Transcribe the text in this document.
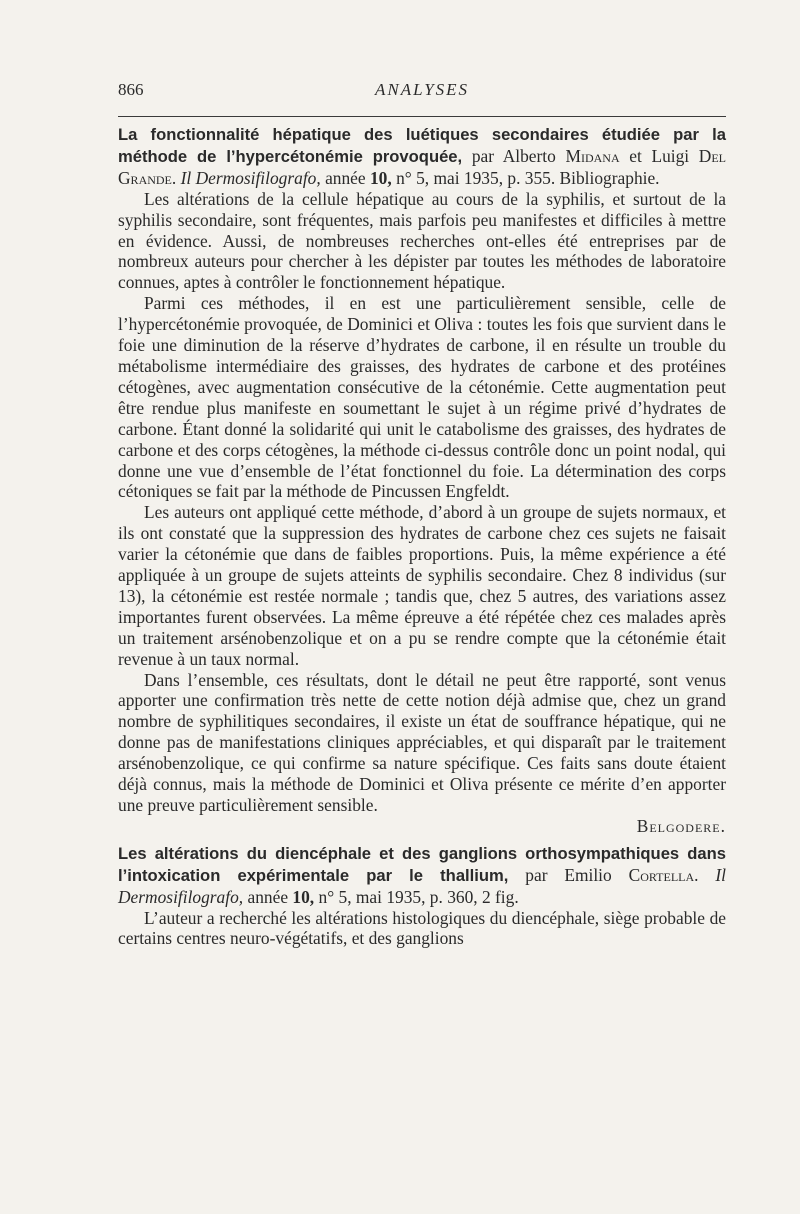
866	ANALYSES

La fonctionnalité hépatique des luétiques secondaires étudiée par la méthode de l’hypercétonémie provoquée, par Alberto Midana et Luigi Del Grande. Il Dermosifilografo, année 10, n° 5, mai 1935, p. 355. Bibliographie.

Les altérations de la cellule hépatique au cours de la syphilis, et surtout de la syphilis secondaire, sont fréquentes, mais parfois peu manifestes et difficiles à mettre en évidence. Aussi, de nombreuses recherches ont-elles été entreprises par de nombreux auteurs pour chercher à les dépister par toutes les méthodes de laboratoire connues, aptes à contrôler le fonctionnement hépatique.

Parmi ces méthodes, il en est une particulièrement sensible, celle de l’hypercétonémie provoquée, de Dominici et Oliva : toutes les fois que survient dans le foie une diminution de la réserve d’hydrates de carbone, il en résulte un trouble du métabolisme intermédiaire des graisses, des hydrates de carbone et des protéines cétogènes, avec augmentation consécutive de la cétonémie. Cette augmentation peut être rendue plus manifeste en soumettant le sujet à un régime privé d’hydrates de carbone. Étant donné la solidarité qui unit le catabolisme des graisses, des hydrates de carbone et des corps cétogènes, la méthode ci-dessus contrôle donc un point nodal, qui donne une vue d’ensemble de l’état fonctionnel du foie. La détermination des corps cétoniques se fait par la méthode de Pincussen Engfeldt.

Les auteurs ont appliqué cette méthode, d’abord à un groupe de sujets normaux, et ils ont constaté que la suppression des hydrates de carbone chez ces sujets ne faisait varier la cétonémie que dans de faibles proportions. Puis, la même expérience a été appliquée à un groupe de sujets atteints de syphilis secondaire. Chez 8 individus (sur 13), la cétonémie est restée normale ; tandis que, chez 5 autres, des variations assez importantes furent observées. La même épreuve a été répétée chez ces malades après un traitement arsénobenzolique et on a pu se rendre compte que la cétonémie était revenue à un taux normal.

Dans l’ensemble, ces résultats, dont le détail ne peut être rapporté, sont venus apporter une confirmation très nette de cette notion déjà admise que, chez un grand nombre de syphilitiques secondaires, il existe un état de souffrance hépatique, qui ne donne pas de manifestations cliniques appréciables, et qui disparaît par le traitement arsénobenzolique, ce qui confirme sa nature spécifique. Ces faits sans doute étaient déjà connus, mais la méthode de Dominici et Oliva présente ce mérite d’en apporter une preuve particulièrement sensible.

Belgodere.

Les altérations du diencéphale et des ganglions orthosympathiques dans l’intoxication expérimentale par le thallium, par Emilio Cortella. Il Dermosifilografo, année 10, n° 5, mai 1935, p. 360, 2 fig.

L’auteur a recherché les altérations histologiques du diencéphale, siège probable de certains centres neuro-végétatifs, et des ganglions
